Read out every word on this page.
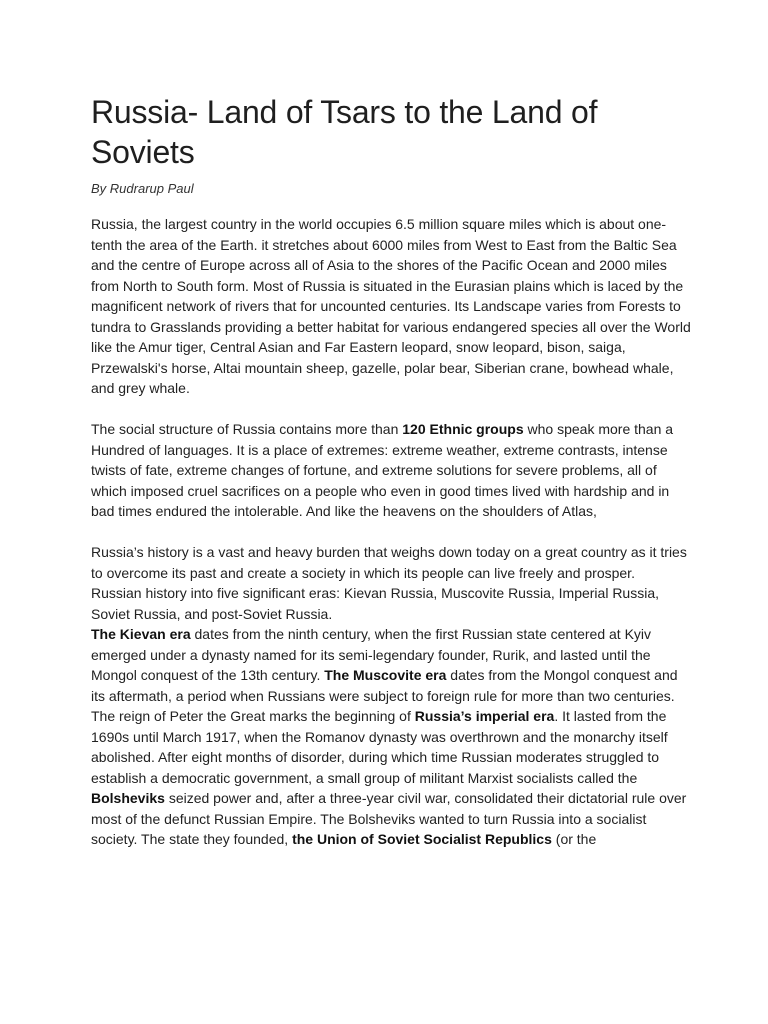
Russia- Land of Tsars to the Land of Soviets

By Rudrarup Paul

Russia, the largest country in the world occupies 6.5 million square miles which is about one-tenth the area of the Earth. it stretches about 6000 miles from West to East from the Baltic Sea and the centre of Europe across all of Asia to the shores of the Pacific Ocean and 2000 miles from North to South form. Most of Russia is situated in the Eurasian plains which is laced by the magnificent network of rivers that for uncounted centuries. Its Landscape varies from Forests to tundra to Grasslands providing a better habitat for various endangered species all over the World like the Amur tiger, Central Asian and Far Eastern leopard, snow leopard, bison, saiga, Przewalski's horse, Altai mountain sheep, gazelle, polar bear, Siberian crane, bowhead whale, and grey whale.

The social structure of Russia contains more than 120 Ethnic groups who speak more than a Hundred of languages. It is a place of extremes: extreme weather, extreme contrasts, intense twists of fate, extreme changes of fortune, and extreme solutions for severe problems, all of which imposed cruel sacrifices on a people who even in good times lived with hardship and in bad times endured the intolerable. And like the heavens on the shoulders of Atlas,

Russia’s history is a vast and heavy burden that weighs down today on a great country as it tries to overcome its past and create a society in which its people can live freely and prosper.

Russian history into five significant eras: Kievan Russia, Muscovite Russia, Imperial Russia, Soviet Russia, and post-Soviet Russia.

The Kievan era dates from the ninth century, when the first Russian state centered at Kyiv emerged under a dynasty named for its semi-legendary founder, Rurik, and lasted until the Mongol conquest of the 13th century. The Muscovite era dates from the Mongol conquest and its aftermath, a period when Russians were subject to foreign rule for more than two centuries. The reign of Peter the Great marks the beginning of Russia’s imperial era. It lasted from the 1690s until March 1917, when the Romanov dynasty was overthrown and the monarchy itself abolished. After eight months of disorder, during which time Russian moderates struggled to establish a democratic government, a small group of militant Marxist socialists called the Bolsheviks seized power and, after a three-year civil war, consolidated their dictatorial rule over most of the defunct Russian Empire. The Bolsheviks wanted to turn Russia into a socialist society. The state they founded, the Union of Soviet Socialist Republics (or the
